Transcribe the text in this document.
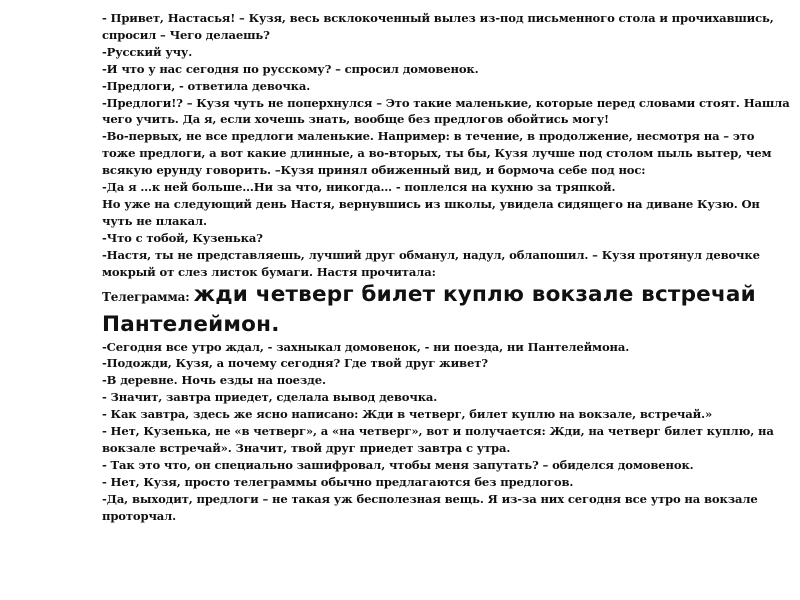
- Привет, Настасья! – Кузя, весь всклокоченный вылез из-под письменного стола и прочихавшись, спросил – Чего делаешь?

-Русский учу.

-И что у нас сегодня по русскому? – спросил домовенок.

-Предлоги, - ответила девочка.

-Предлоги!? – Кузя чуть не поперхнулся – Это такие маленькие, которые перед словами стоят. Нашла чего учить. Да я, если хочешь знать, вообще без предлогов обойтись могу!

-Во-первых, не все предлоги маленькие. Например: в течение, в продолжение, несмотря на – это тоже предлоги, а вот какие длинные, а во-вторых, ты бы, Кузя лучше под столом пыль вытер, чем всякую ерунду говорить. –Кузя принял обиженный вид, и бормоча себе под нос:

-Да я …к ней больше…Ни за что, никогда… - поплелся на кухню за тряпкой.

Но уже на следующий день Настя, вернувшись из школы, увидела сидящего на диване Кузю. Он чуть не плакал.

-Что с тобой, Кузенька?

-Настя, ты не представляешь, лучший друг обманул, надул, облапошил. – Кузя протянул девочке мокрый от слез листок бумаги. Настя прочитала:

Телеграмма: жди четверг билет куплю вокзале встречай Пантелеймон.

-Сегодня все утро ждал, - захныкал домовенок, - ни поезда, ни Пантелеймона.

-Подожди, Кузя, а почему сегодня? Где твой друг живет?

-В деревне. Ночь езды на поезде.

- Значит, завтра приедет, сделала вывод девочка.

- Как завтра, здесь же ясно написано: Жди в четверг, билет куплю на вокзале, встречай.»

- Нет, Кузенька, не «в четверг», а «на четверг», вот и получается: Жди, на четверг билет куплю, на вокзале встречай». Значит, твой друг приедет завтра с утра.

- Так это что, он специально зашифровал, чтобы меня запутать? – обиделся домовенок.

- Нет, Кузя, просто телеграммы обычно предлагаются без предлогов.

-Да, выходит, предлоги – не такая уж бесполезная вещь. Я из-за них сегодня все утро на вокзале проторчал.
